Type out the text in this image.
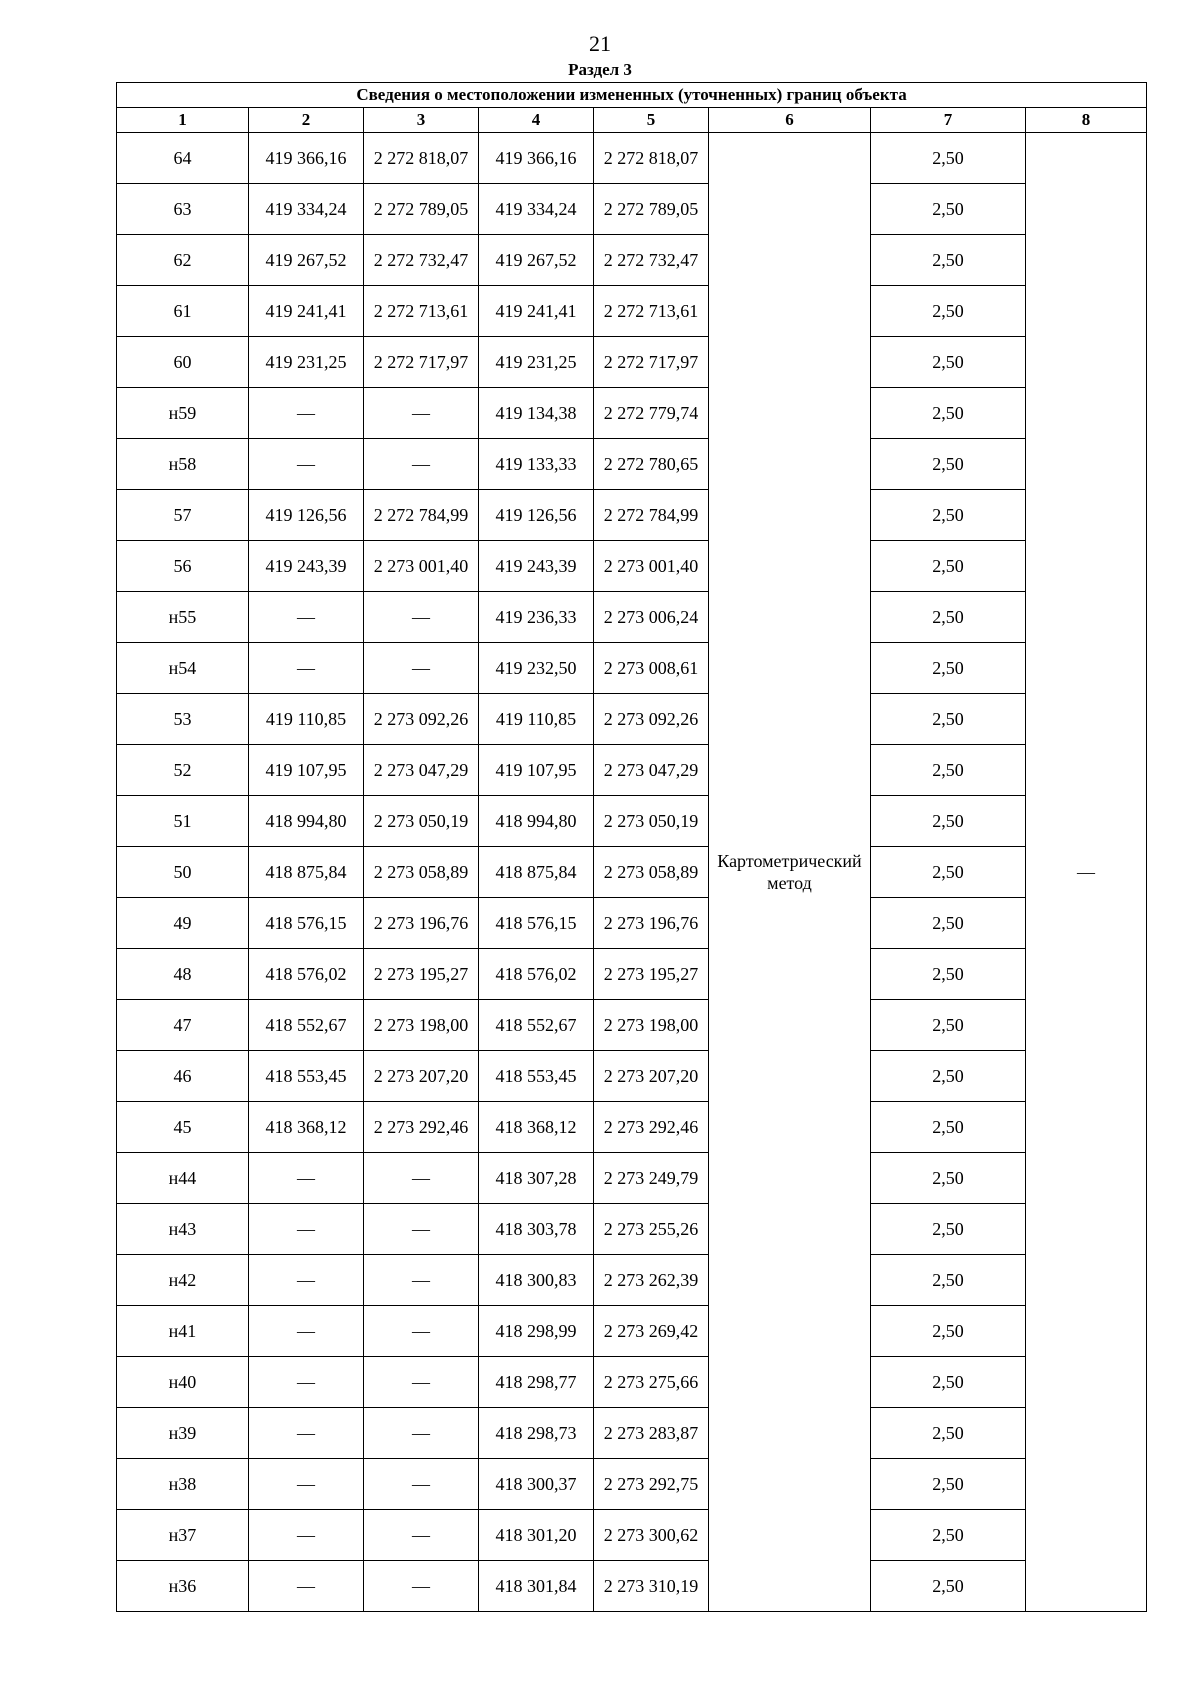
21
Раздел 3
Сведения о местоположении измененных (уточненных) границ объекта							
1	2	3	4	5	6	7	8
64	419 366,16	2 272 818,07	419 366,16	2 272 818,07	Картометрический метод	2,50	—
63	419 334,24	2 272 789,05	419 334,24	2 272 789,05		2,50	
62	419 267,52	2 272 732,47	419 267,52	2 272 732,47		2,50	
61	419 241,41	2 272 713,61	419 241,41	2 272 713,61		2,50	
60	419 231,25	2 272 717,97	419 231,25	2 272 717,97		2,50	
н59	—	—	419 134,38	2 272 779,74		2,50	
н58	—	—	419 133,33	2 272 780,65		2,50	
57	419 126,56	2 272 784,99	419 126,56	2 272 784,99		2,50	
56	419 243,39	2 273 001,40	419 243,39	2 273 001,40		2,50	
н55	—	—	419 236,33	2 273 006,24		2,50	
н54	—	—	419 232,50	2 273 008,61		2,50	
53	419 110,85	2 273 092,26	419 110,85	2 273 092,26		2,50	
52	419 107,95	2 273 047,29	419 107,95	2 273 047,29		2,50	
51	418 994,80	2 273 050,19	418 994,80	2 273 050,19		2,50	
50	418 875,84	2 273 058,89	418 875,84	2 273 058,89		2,50	
49	418 576,15	2 273 196,76	418 576,15	2 273 196,76		2,50	
48	418 576,02	2 273 195,27	418 576,02	2 273 195,27		2,50	
47	418 552,67	2 273 198,00	418 552,67	2 273 198,00		2,50	
46	418 553,45	2 273 207,20	418 553,45	2 273 207,20		2,50	
45	418 368,12	2 273 292,46	418 368,12	2 273 292,46		2,50	
н44	—	—	418 307,28	2 273 249,79		2,50	
н43	—	—	418 303,78	2 273 255,26		2,50	
н42	—	—	418 300,83	2 273 262,39		2,50	
н41	—	—	418 298,99	2 273 269,42		2,50	
н40	—	—	418 298,77	2 273 275,66		2,50	
н39	—	—	418 298,73	2 273 283,87		2,50	
н38	—	—	418 300,37	2 273 292,75		2,50	
н37	—	—	418 301,20	2 273 300,62		2,50	
н36	—	—	418 301,84	2 273 310,19		2,50	
